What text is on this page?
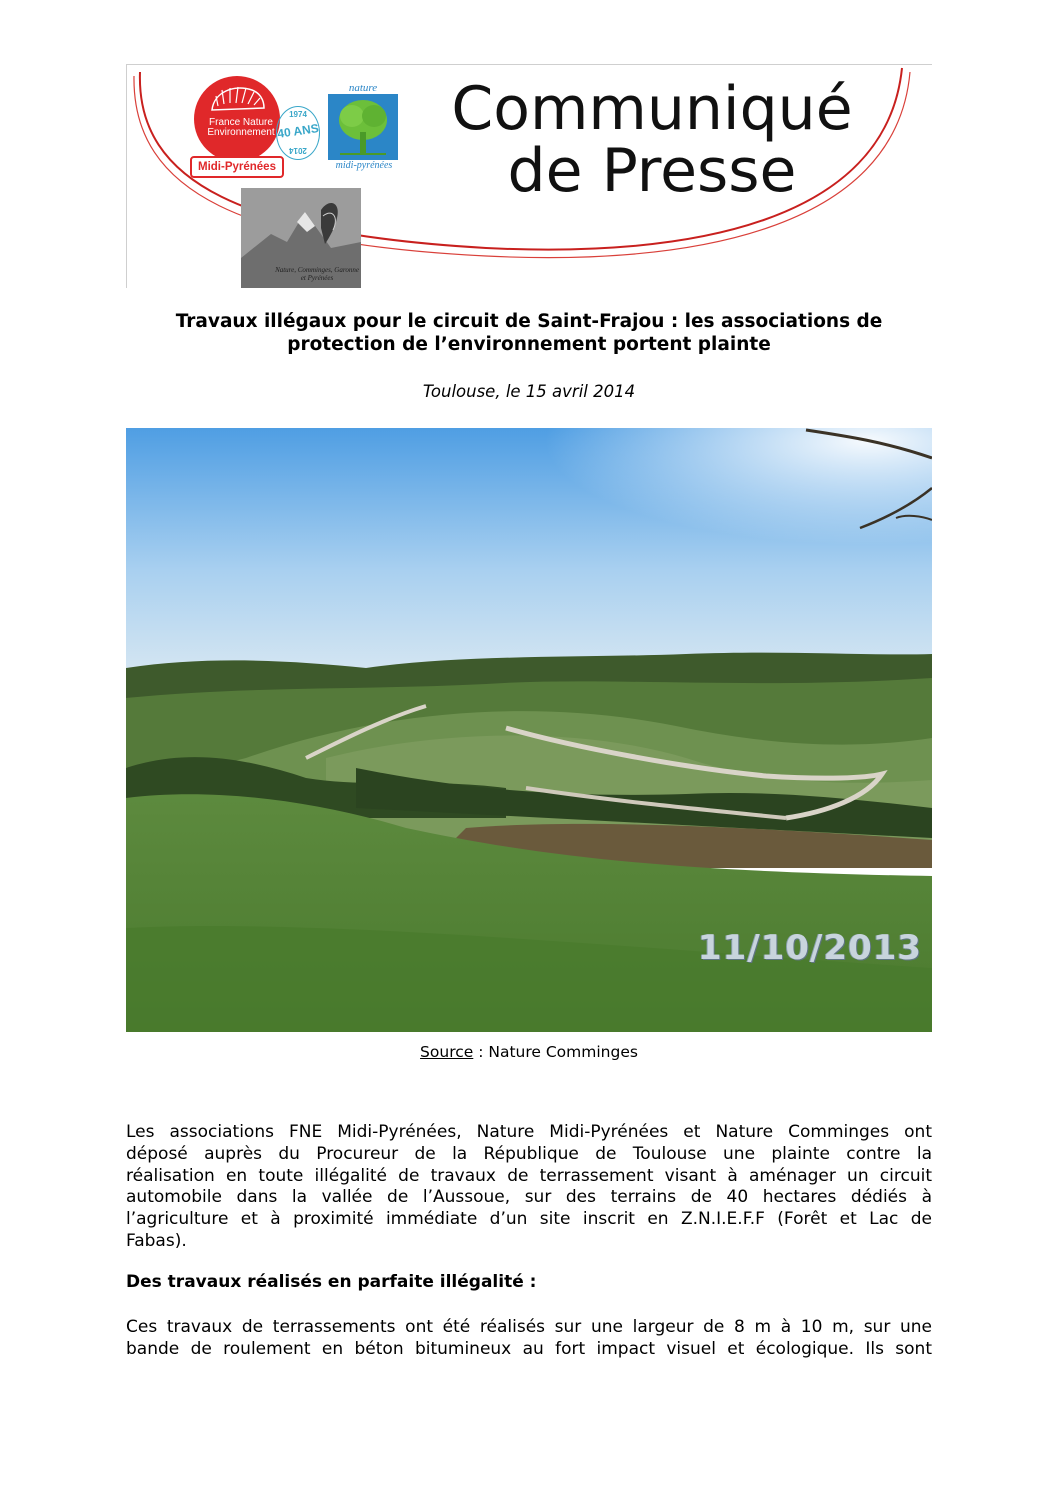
France Nature
Environnement
Midi-Pyrénées
1974
40 ANS
2014
nature
midi-pyrénées
Nature, Comminges, Garonne et Pyrénées
Communiqué
de Presse
Travaux illégaux pour le circuit de Saint-Frajou : les associations de
protection de l’environnement portent plainte
Toulouse, le 15 avril 2014
11/10/2013
Source : Nature Comminges
Les associations FNE Midi-Pyrénées, Nature Midi-Pyrénées et Nature Comminges ont
déposé auprès du Procureur de la République de Toulouse une plainte contre la
réalisation en toute illégalité de travaux de terrassement visant à aménager un circuit
automobile dans la vallée de l’Aussoue, sur des terrains de 40 hectares dédiés à
l’agriculture et à proximité immédiate d’un site inscrit en Z.N.I.E.F.F (Forêt et Lac de
Fabas).
Des travaux réalisés en parfaite illégalité :
Ces travaux de terrassements ont été réalisés sur une largeur de 8 m à 10 m, sur une
bande de roulement en béton bitumineux au fort impact visuel et écologique. Ils sont
